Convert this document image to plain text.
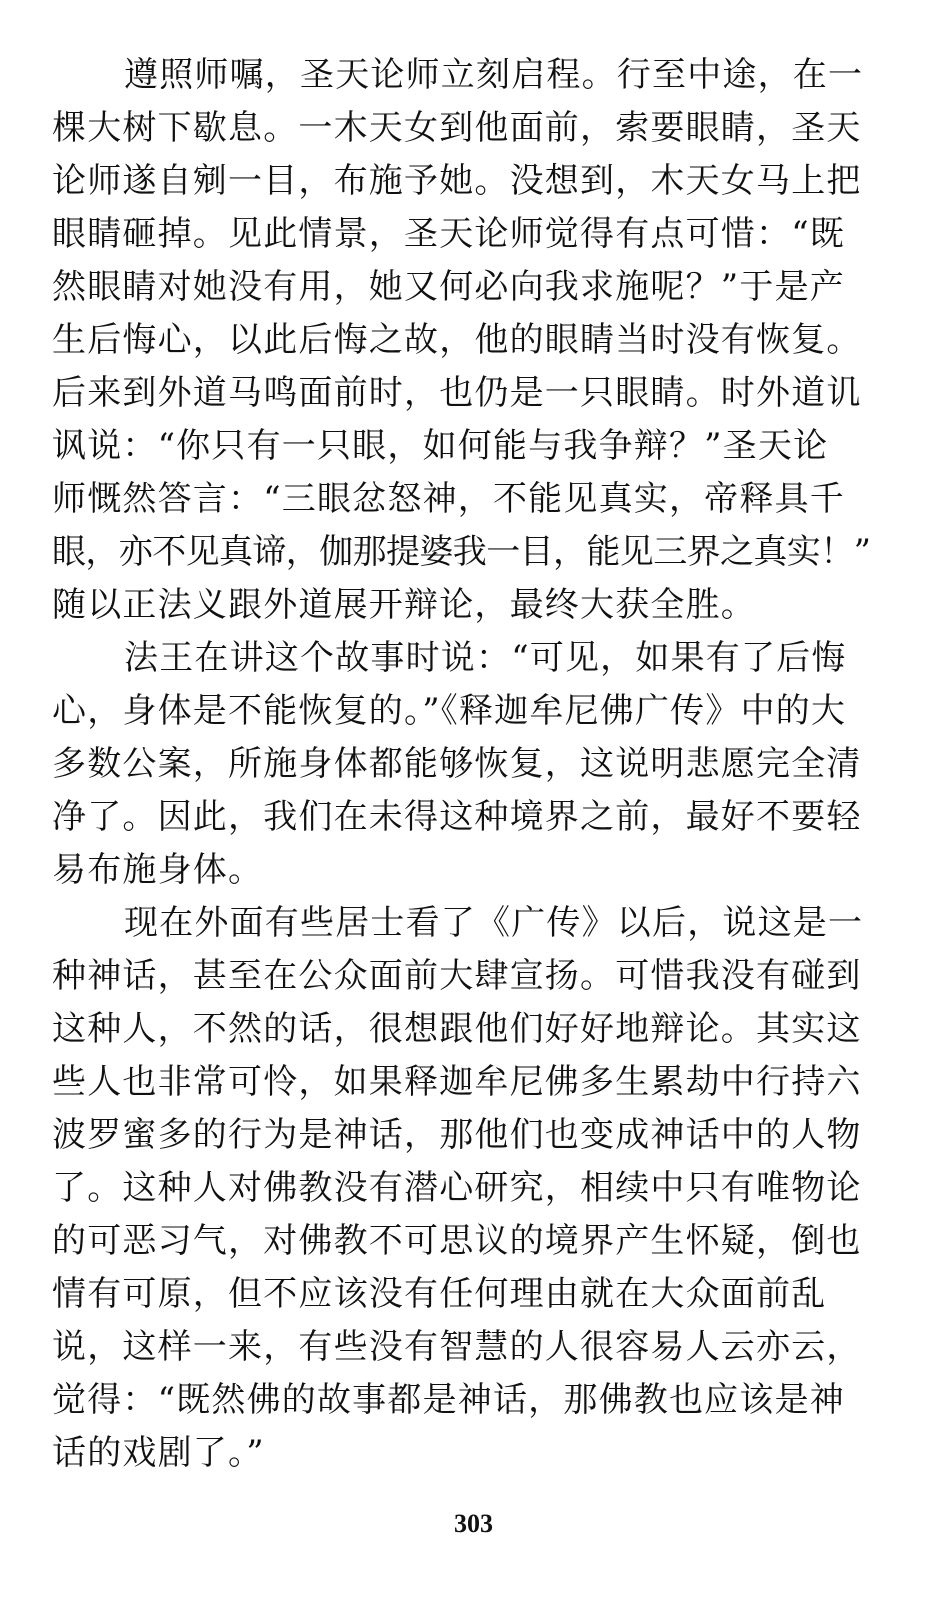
遵照师嘱，圣天论师立刻启程。行至中途，在一
棵大树下歇息。一木天女到他面前，索要眼睛，圣天
论师遂自剜一目，布施予她。没想到，木天女马上把
眼睛砸掉。见此情景，圣天论师觉得有点可惜：“既
然眼睛对她没有用，她又何必向我求施呢？”于是产
生后悔心，以此后悔之故，他的眼睛当时没有恢复。
后来到外道马鸣面前时，也仍是一只眼睛。时外道讥
讽说：“你只有一只眼，如何能与我争辩？”圣天论
师慨然答言：“三眼忿怒神，不能见真实，帝释具千
眼，亦不见真谛，伽那提婆我一目，能见三界之真实！”
随以正法义跟外道展开辩论，最终大获全胜。

法王在讲这个故事时说：“可见，如果有了后悔
心，身体是不能恢复的。”《释迦牟尼佛广传》中的大
多数公案，所施身体都能够恢复，这说明悲愿完全清
净了。因此，我们在未得这种境界之前，最好不要轻
易布施身体。

现在外面有些居士看了《广传》以后，说这是一
种神话，甚至在公众面前大肆宣扬。可惜我没有碰到
这种人，不然的话，很想跟他们好好地辩论。其实这
些人也非常可怜，如果释迦牟尼佛多生累劫中行持六
波罗蜜多的行为是神话，那他们也变成神话中的人物
了。这种人对佛教没有潜心研究，相续中只有唯物论
的可恶习气，对佛教不可思议的境界产生怀疑，倒也
情有可原，但不应该没有任何理由就在大众面前乱
说，这样一来，有些没有智慧的人很容易人云亦云，
觉得：“既然佛的故事都是神话，那佛教也应该是神
话的戏剧了。”

303
